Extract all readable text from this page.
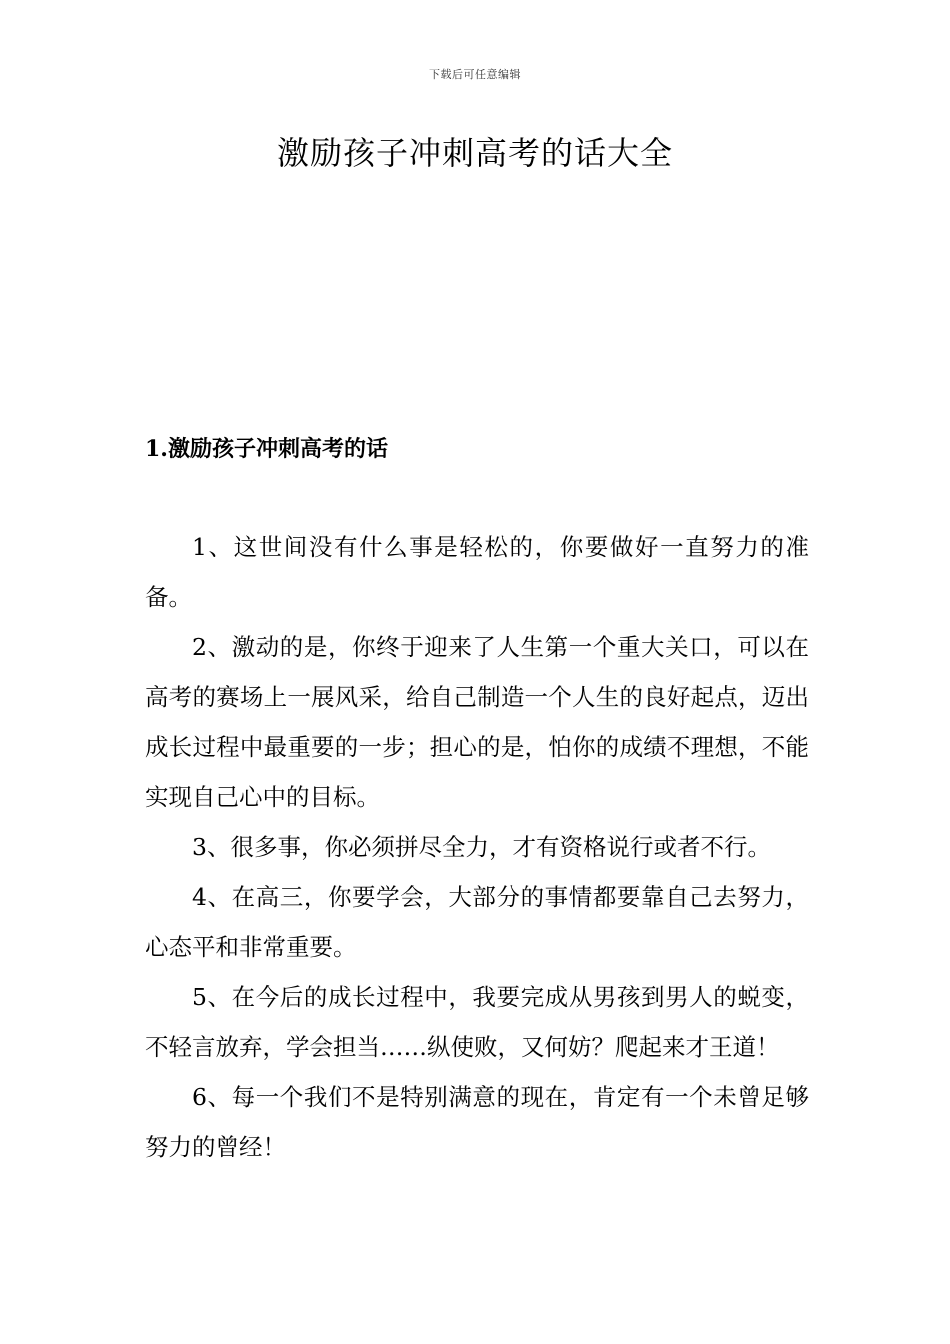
下载后可任意编辑
激励孩子冲刺高考的话大全
1.激励孩子冲刺高考的话

1、这世间没有什么事是轻松的，你要做好一直努力的准备。

2、激动的是，你终于迎来了人生第一个重大关口，可以在高考的赛场上一展风采，给自己制造一个人生的良好起点，迈出成长过程中最重要的一步；担心的是，怕你的成绩不理想，不能实现自己心中的目标。

3、很多事，你必须拼尽全力，才有资格说行或者不行。

4、在高三，你要学会，大部分的事情都要靠自己去努力，心态平和非常重要。

5、在今后的成长过程中，我要完成从男孩到男人的蜕变，不轻言放弃，学会担当……纵使败，又何妨？爬起来才王道！

6、每一个我们不是特别满意的现在，肯定有一个未曾足够努力的曾经！
